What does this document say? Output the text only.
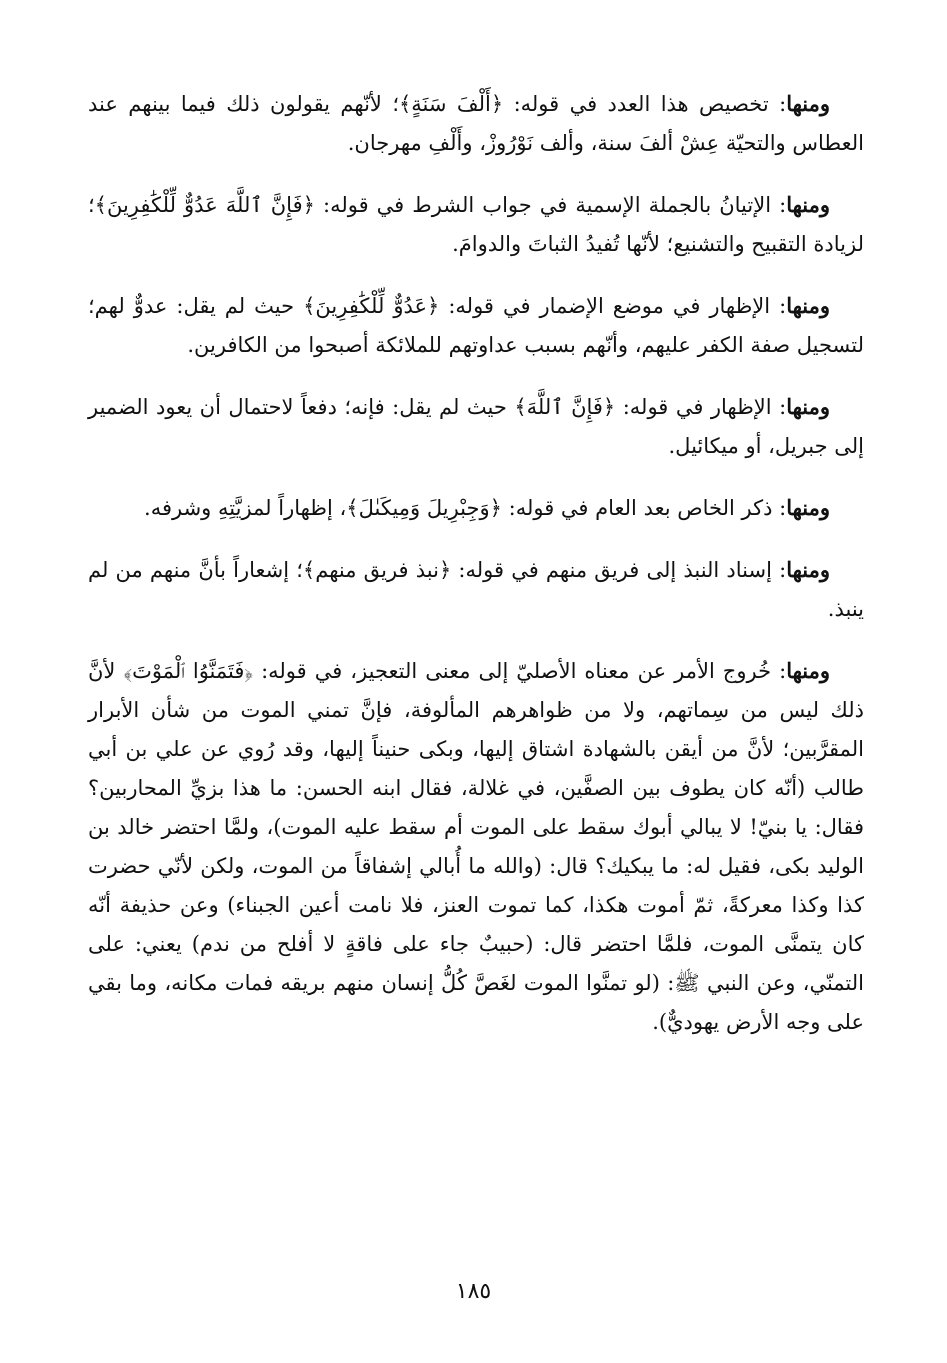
ومنها: تخصيص هذا العدد في قوله: ﴿أَلْفَ سَنَةٍ﴾؛ لأنّهم يقولون ذلك فيما بينهم عند العطاس والتحيّة عِشْ ألفَ سنة، وألف نَوْرُوزْ، وأَلْفِ مهرجان.

ومنها: الإتيانُ بالجملة الإسمية في جواب الشرط في قوله: ﴿فَإِنَّ ٱللَّهَ عَدُوٌّ لِّلْكَٰفِرِينَ﴾؛ لزيادة التقبيح والتشنيع؛ لأنّها تُفيدُ الثباتَ والدوامَ.

ومنها: الإظهار في موضع الإضمار في قوله: ﴿عَدُوٌّ لِّلْكَٰفِرِينَ﴾ حيث لم يقل: عدوٌّ لهم؛ لتسجيل صفة الكفر عليهم، وأنّهم بسبب عداوتهم للملائكة أصبحوا من الكافرين.

ومنها: الإظهار في قوله: ﴿فَإِنَّ ٱللَّهَ﴾ حيث لم يقل: فإنه؛ دفعاً لاحتمال أن يعود الضمير إلى جبريل، أو ميكائيل.

ومنها: ذكر الخاص بعد العام في قوله: ﴿وَجِبْرِيلَ وَمِيكَىٰلَ﴾، إظهاراً لمزيَّتِهِ وشرفه.

ومنها: إسناد النبذ إلى فريق منهم في قوله: ﴿نبذ فريق منهم﴾؛ إشعاراً بأنَّ منهم من لم ينبذ.

ومنها: خُروج الأمر عن معناه الأصليّ إلى معنى التعجيز، في قوله: ﴿فَتَمَنَّوُا ٱلْمَوْتَ﴾ لأنَّ ذلك ليس من سِماتهم، ولا من ظواهرهم المألوفة، فإنَّ تمني الموت من شأن الأبرار المقرَّبين؛ لأنَّ من أيقن بالشهادة اشتاق إليها، وبكى حنيناً إليها، وقد رُوي عن علي بن أبي طالب (أنّه كان يطوف بين الصفَّين، في غلالة، فقال ابنه الحسن: ما هذا بزيِّ المحاربين؟ فقال: يا بنيّ! لا يبالي أبوك سقط على الموت أم سقط عليه الموت)، ولمَّا احتضر خالد بن الوليد بكى، فقيل له: ما يبكيك؟ قال: (والله ما أُبالي إشفاقاً من الموت، ولكن لأنّي حضرت كذا وكذا معركةً، ثمّ أموت هكذا، كما تموت العنز، فلا نامت أعين الجبناء) وعن حذيفة أنّه كان يتمنَّى الموت، فلمَّا احتضر قال: (حبيبٌ جاء على فاقةٍ لا أفلح من ندم) يعني: على التمنّي، وعن النبي ﷺ: (لو تمنَّوا الموت لغَصَّ كُلُّ إنسان منهم بريقه فمات مكانه، وما بقي على وجه الأرض يهوديٌّ).

١٨٥
